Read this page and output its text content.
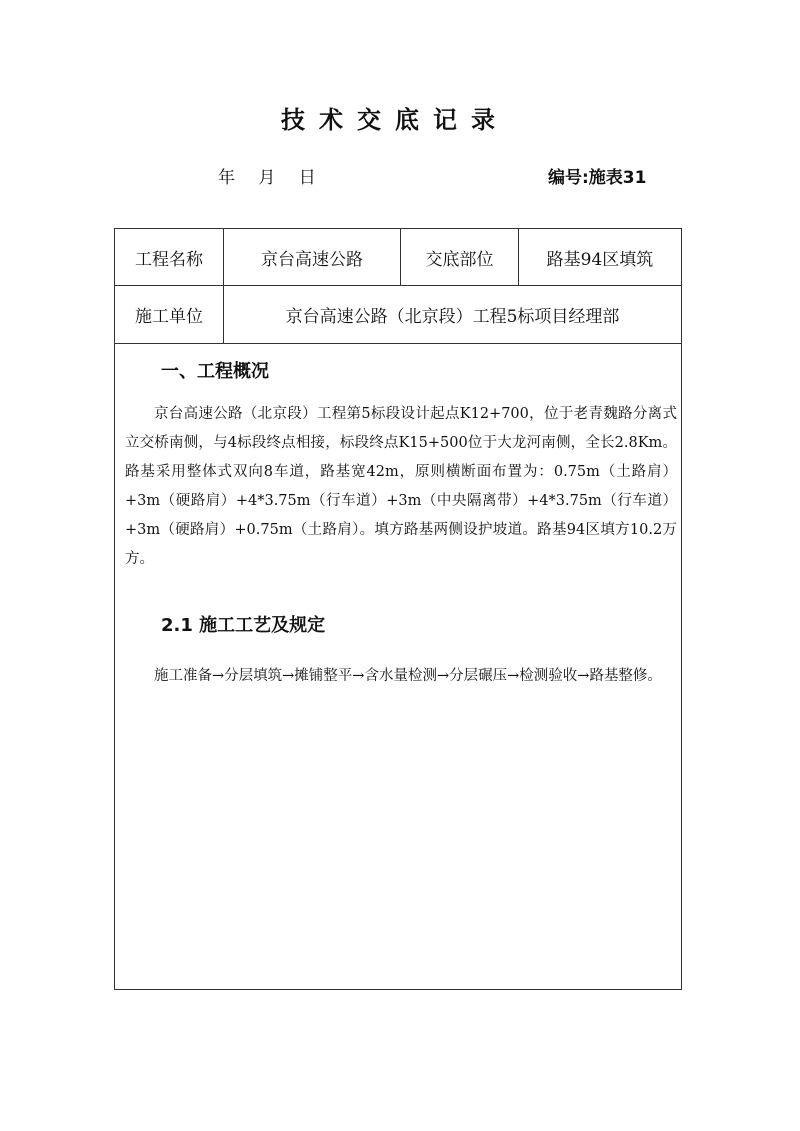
技术交底记录
年 月 日	编号:施表31
工程名称	京台高速公路	交底部位	路基94区填筑
施工单位	京台高速公路（北京段）工程5标项目经理部
一、工程概况
京台高速公路（北京段）工程第5标段设计起点K12+700，位于老青魏路分离式立交桥南侧，与4标段终点相接，标段终点K15+500位于大龙河南侧，全长2.8Km。路基采用整体式双向8车道，路基宽42m，原则横断面布置为：0.75m（土路肩）+3m（硬路肩）+4*3.75m（行车道）+3m（中央隔离带）+4*3.75m（行车道）+3m（硬路肩）+0.75m（土路肩）。填方路基两侧设护坡道。路基94区填方10.2万方。
2.1 施工工艺及规定
施工准备→分层填筑→摊铺整平→含水量检测→分层碾压→检测验收→路基整修。
